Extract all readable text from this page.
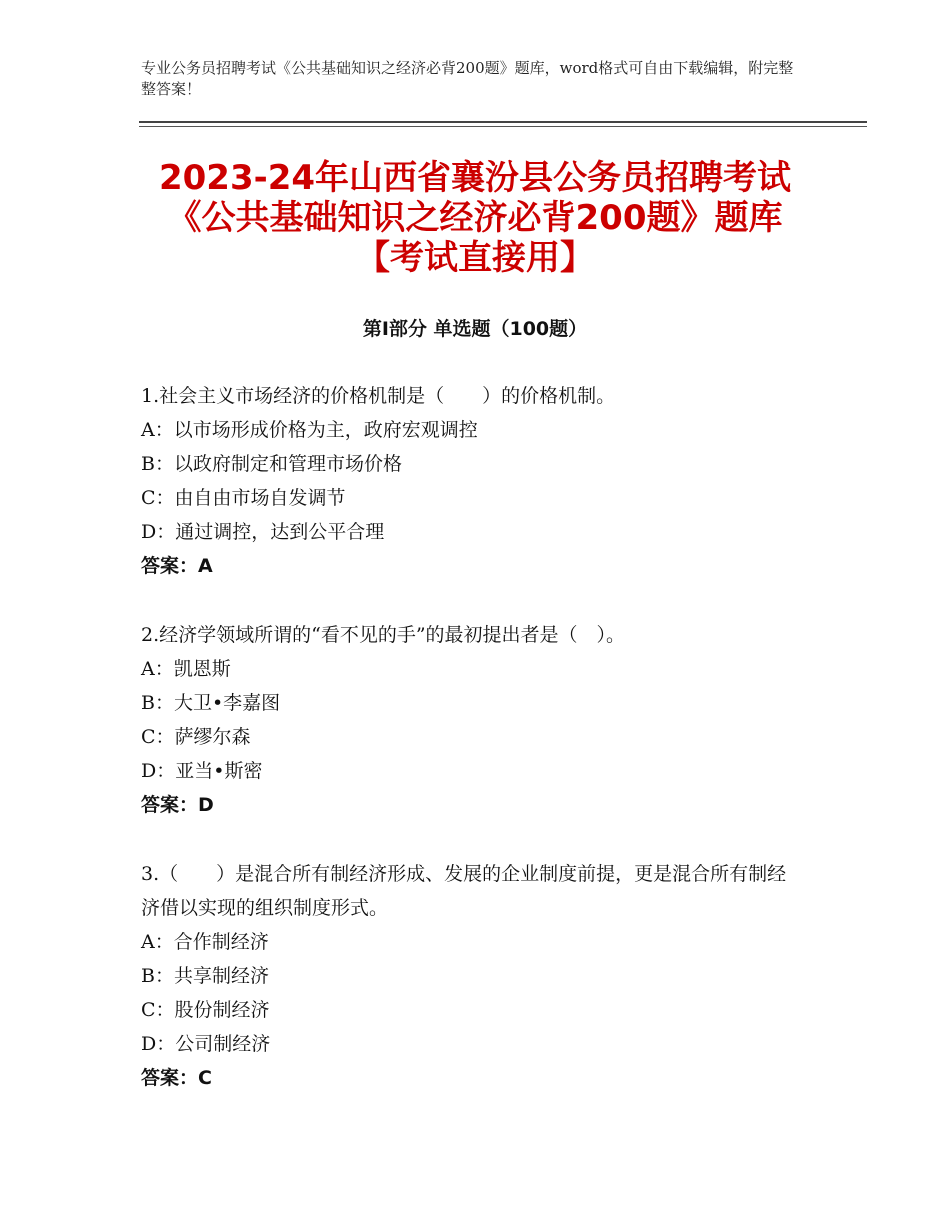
专业公务员招聘考试《公共基础知识之经济必背200题》题库，word格式可自由下载编辑，附完整整答案！
2023-24年山西省襄汾县公务员招聘考试
《公共基础知识之经济必背200题》题库
【考试直接用】
第Ⅰ部分 单选题（100题）
1.社会主义市场经济的价格机制是（　　）的价格机制。
A：以市场形成价格为主，政府宏观调控
B：以政府制定和管理市场价格
C：由自由市场自发调节
D：通过调控，达到公平合理
答案：A
2.经济学领域所谓的“看不见的手”的最初提出者是（　）。
A：凯恩斯
B：大卫•李嘉图
C：萨缪尔森
D：亚当•斯密
答案：D
3.（　　）是混合所有制经济形成、发展的企业制度前提，更是混合所有制经济借以实现的组织制度形式。
A：合作制经济
B：共享制经济
C：股份制经济
D：公司制经济
答案：C
